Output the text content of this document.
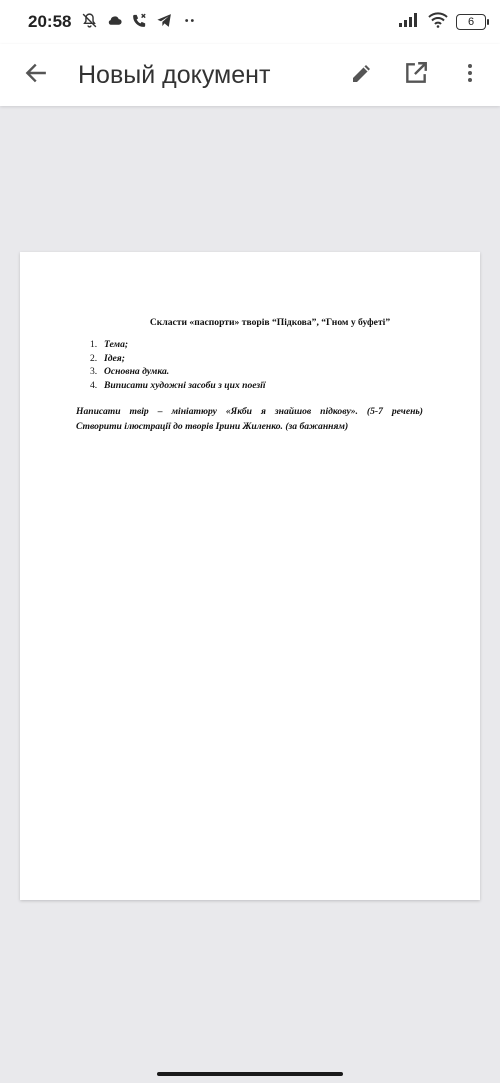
20:58	6
Новый документ
Скласти «паспорти» творів “Підкова”, “Гном у буфеті”
1. Тема;
2. Ідея;
3. Основна думка.
4. Виписати художні засоби з цих поезії
Написати твір – мініатюру «Якби я знайшов підкову». (5-7 речень)
Створити ілюстрації до творів Ірини Жиленко. (за бажанням)
